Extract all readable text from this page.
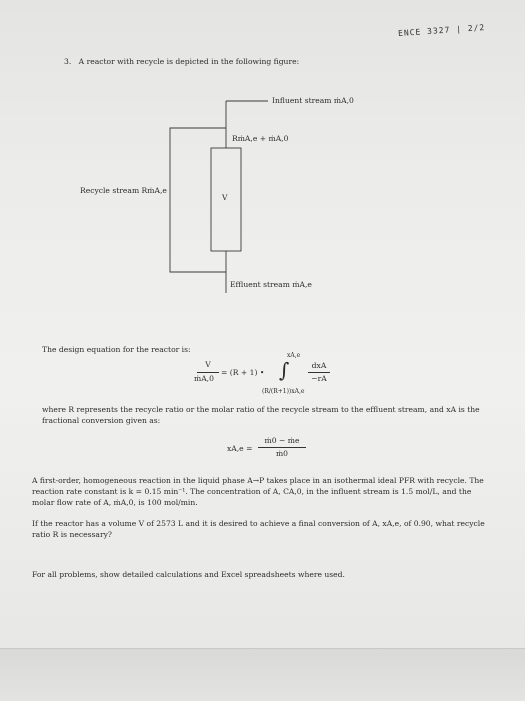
ENCE 3327 | 2/2
3. A reactor with recycle is depicted in the following figure:
Influent stream ṁA,0
RṁA,e + ṁA,0
Recycle stream RṁA,e
V
Effluent stream ṁA,e
The design equation for the reactor is:
V
ṁA,0
= (R + 1) • ∫
xA,e
(R/(R+1))xA,e
dxA
−rA
where R represents the recycle ratio or the molar ratio of the recycle stream to the effluent stream, and xA is the fractional conversion given as:
xA,e =
ṁ0 − ṁe
ṁ0
A first-order, homogeneous reaction in the liquid phase A→P takes place in an isothermal ideal PFR with recycle. The reaction rate constant is k = 0.15 min⁻¹. The concentration of A, CA,0, in the influent stream is 1.5 mol/L, and the molar flow rate of A, ṁA,0, is 100 mol/min.
If the reactor has a volume V of 2573 L and it is desired to achieve a final conversion of A, xA,e, of 0.90, what recycle ratio R is necessary?
For all problems, show detailed calculations and Excel spreadsheets where used.
